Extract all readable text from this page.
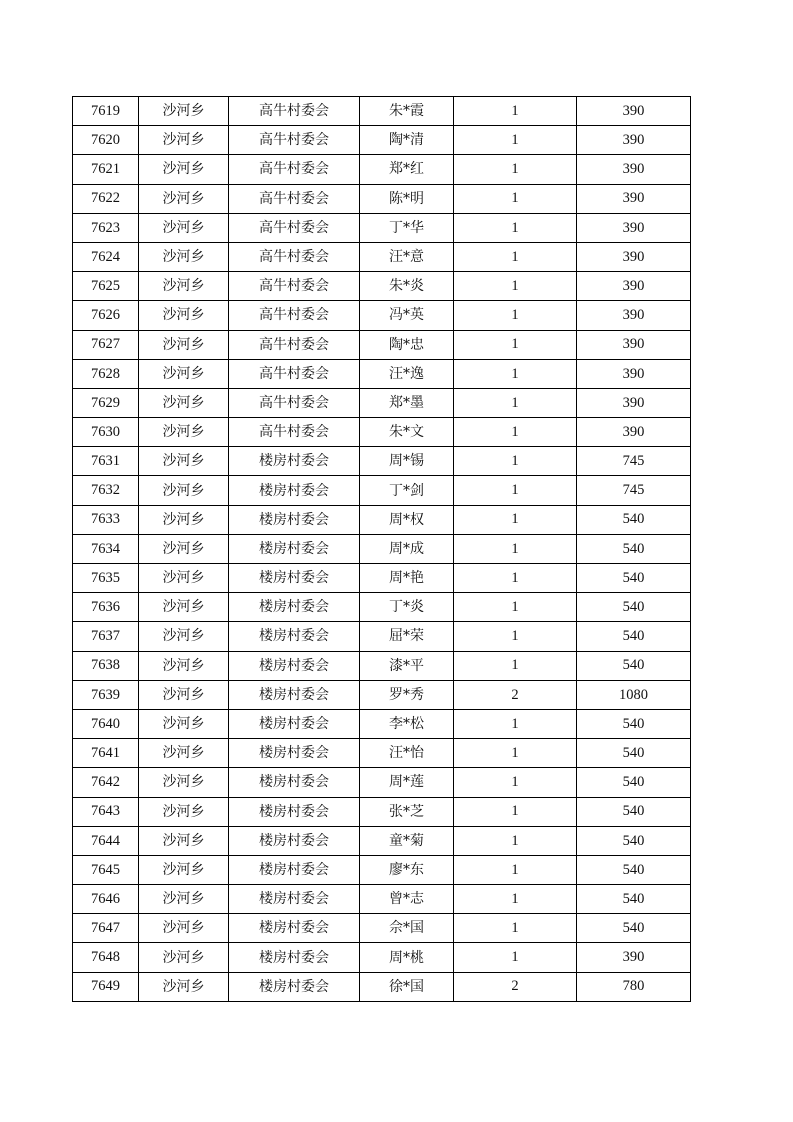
7619	沙河乡	高牛村委会	朱*霞	1	390
7620	沙河乡	高牛村委会	陶*清	1	390
7621	沙河乡	高牛村委会	郑*红	1	390
7622	沙河乡	高牛村委会	陈*明	1	390
7623	沙河乡	高牛村委会	丁*华	1	390
7624	沙河乡	高牛村委会	汪*意	1	390
7625	沙河乡	高牛村委会	朱*炎	1	390
7626	沙河乡	高牛村委会	冯*英	1	390
7627	沙河乡	高牛村委会	陶*忠	1	390
7628	沙河乡	高牛村委会	汪*逸	1	390
7629	沙河乡	高牛村委会	郑*墨	1	390
7630	沙河乡	高牛村委会	朱*文	1	390
7631	沙河乡	楼房村委会	周*锡	1	745
7632	沙河乡	楼房村委会	丁*剑	1	745
7633	沙河乡	楼房村委会	周*权	1	540
7634	沙河乡	楼房村委会	周*成	1	540
7635	沙河乡	楼房村委会	周*艳	1	540
7636	沙河乡	楼房村委会	丁*炎	1	540
7637	沙河乡	楼房村委会	屈*荣	1	540
7638	沙河乡	楼房村委会	漆*平	1	540
7639	沙河乡	楼房村委会	罗*秀	2	1080
7640	沙河乡	楼房村委会	李*松	1	540
7641	沙河乡	楼房村委会	汪*怡	1	540
7642	沙河乡	楼房村委会	周*莲	1	540
7643	沙河乡	楼房村委会	张*芝	1	540
7644	沙河乡	楼房村委会	童*菊	1	540
7645	沙河乡	楼房村委会	廖*东	1	540
7646	沙河乡	楼房村委会	曾*志	1	540
7647	沙河乡	楼房村委会	佘*国	1	540
7648	沙河乡	楼房村委会	周*桃	1	390
7649	沙河乡	楼房村委会	徐*国	2	780
